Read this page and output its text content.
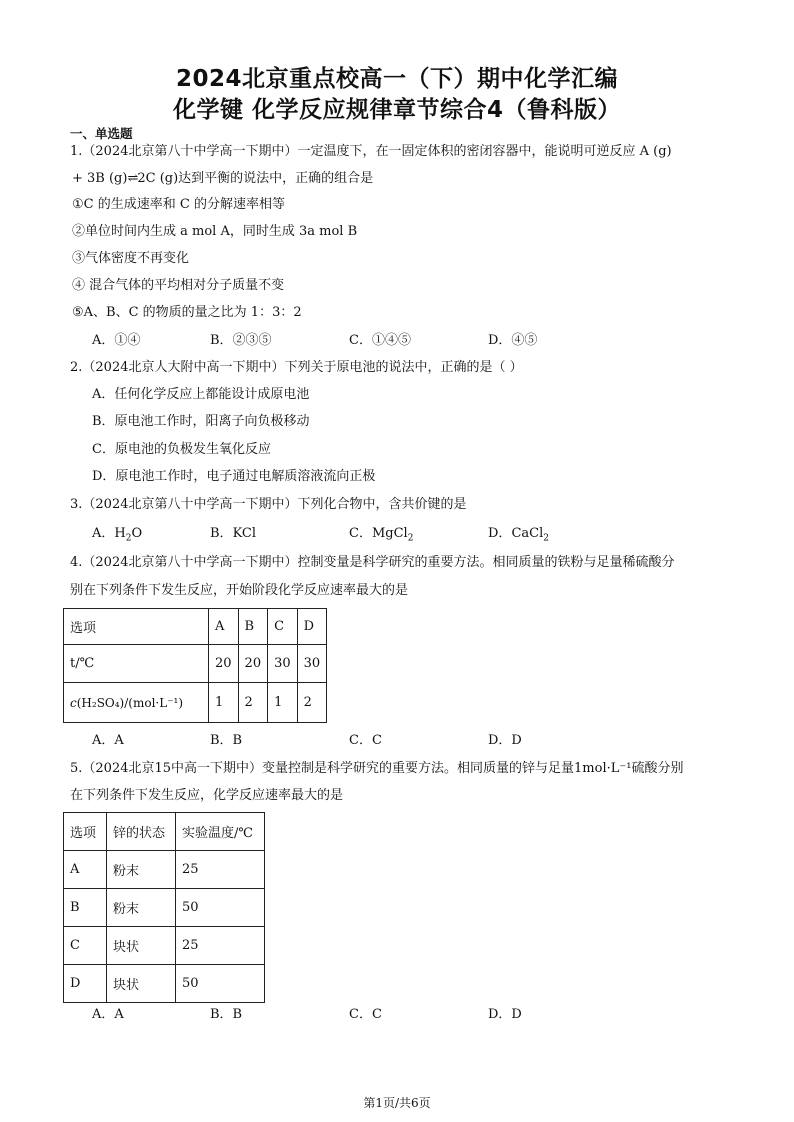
2024北京重点校高一（下）期中化学汇编
化学键 化学反应规律章节综合4（鲁科版）
一、单选题
1.（2024北京第八十中学高一下期中）一定温度下，在一固定体积的密闭容器中，能说明可逆反应 A (g)
+ 3B (g)⇌2C (g)达到平衡的说法中，正确的组合是
①C 的生成速率和 C 的分解速率相等
②单位时间内生成 a mol A，同时生成 3a mol B
③气体密度不再变化
④ 混合气体的平均相对分子质量不变
⑤A、B、C 的物质的量之比为 1：3：2
A．①④	B．②③⑤	C．①④⑤	D．④⑤
2.（2024北京人大附中高一下期中）下列关于原电池的说法中，正确的是（ ）
A．任何化学反应上都能设计成原电池
B．原电池工作时，阳离子向负极移动
C．原电池的负极发生氧化反应
D．原电池工作时，电子通过电解质溶液流向正极
3.（2024北京第八十中学高一下期中）下列化合物中，含共价键的是
A．$H_2O$	B．KCl	C．MgCl$_2$	D．CaCl$_2$
4.（2024北京第八十中学高一下期中）控制变量是科学研究的重要方法。相同质量的铁粉与足量稀硫酸分
别在下列条件下发生反应，开始阶段化学反应速率最大的是
选项	A	B	C	D
t/℃	20	20	30	30
c(H₂SO₄)/(mol·L⁻¹)	1	2	1	2
A．A	B．B	C．C	D．D
5.（2024北京15中高一下期中）变量控制是科学研究的重要方法。相同质量的锌与足量1mol·L⁻¹硫酸分别
在下列条件下发生反应，化学反应速率最大的是
选项	锌的状态	实验温度/℃
A	粉末	25
B	粉末	50
C	块状	25
D	块状	50
A．A	B．B	C．C	D．D
第1页/共6页
